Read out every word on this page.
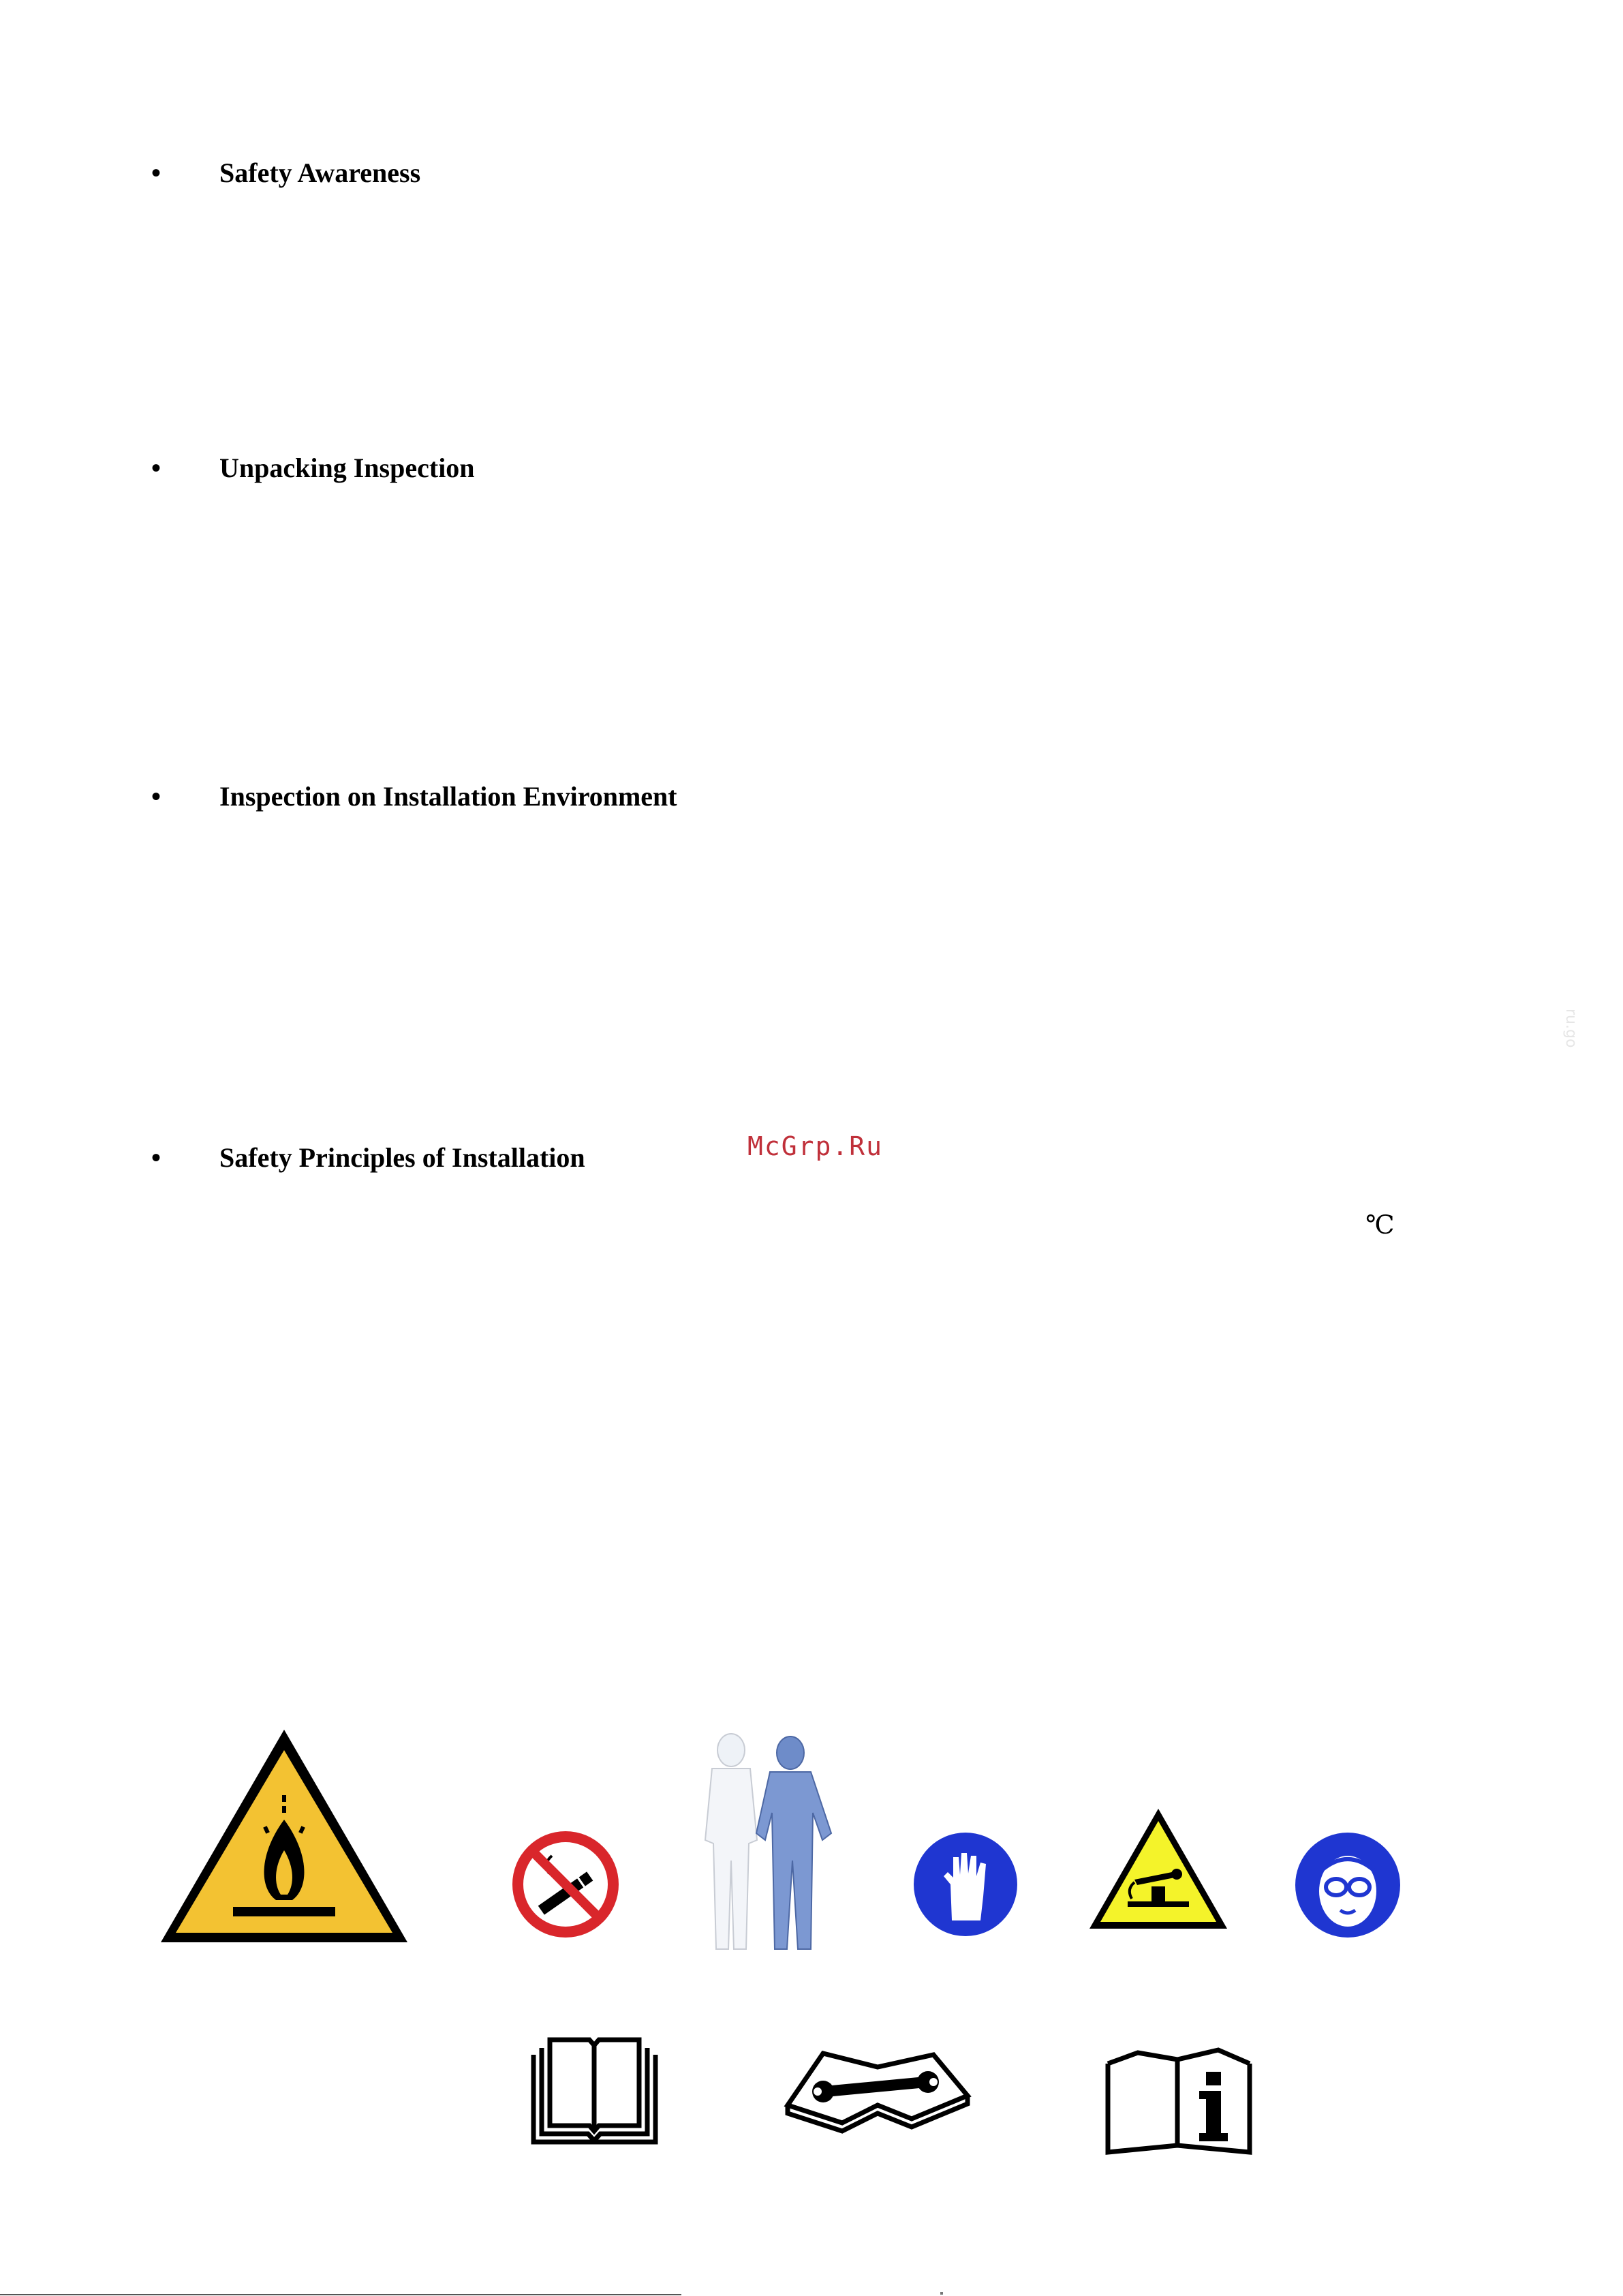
• Safety Awareness
• Unpacking Inspection
• Inspection on Installation Environment
• Safety Principles of Installation	McGrp.Ru
ru.go
℃
